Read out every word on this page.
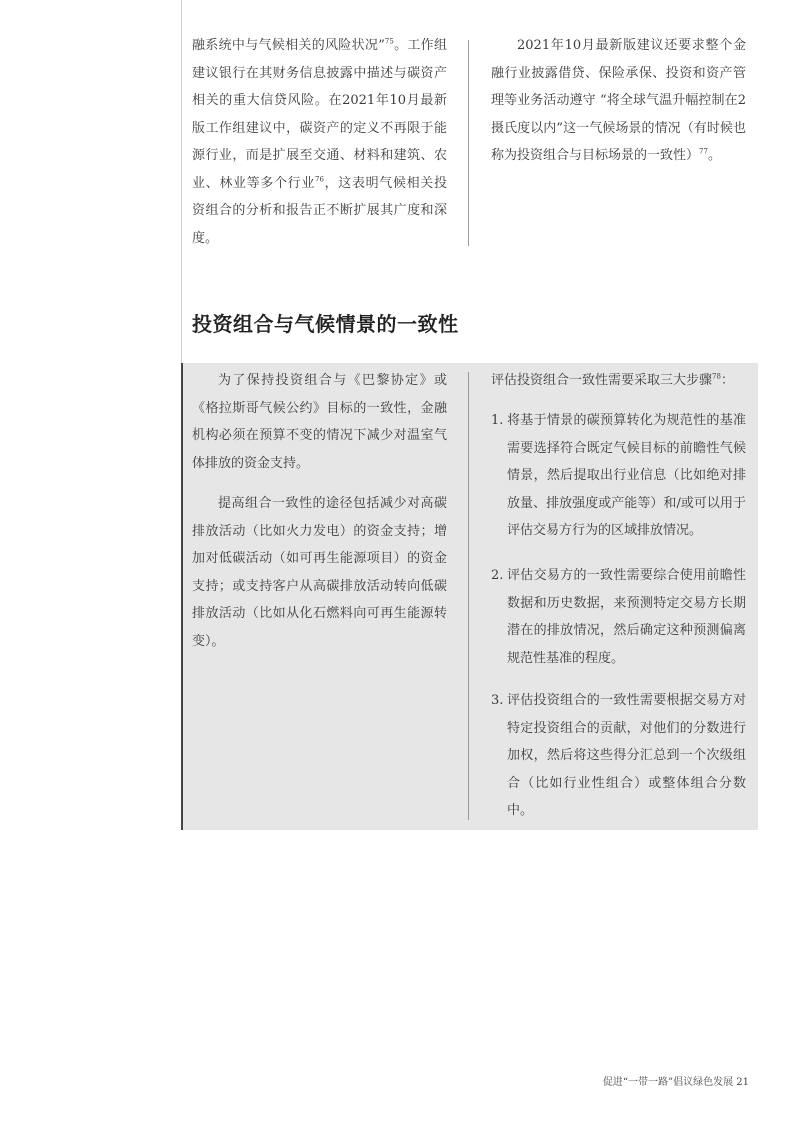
融系统中与气候相关的风险状况”$^{75}$。工作组建议银行在其财务信息披露中描述与碳资产相关的重大信贷风险。在2021年10月最新版工作组建议中，碳资产的定义不再限于能源行业，而是扩展至交通、材料和建筑、农业、林业等多个行业$^{76}$，这表明气候相关投资组合的分析和报告正不断扩展其广度和深度。

2021年10月最新版建议还要求整个金融行业披露借贷、保险承保、投资和资产管理等业务活动遵守 “将全球气温升幅控制在2摄氏度以内”这一气候场景的情况（有时候也称为投资组合与目标场景的一致性）$^{77}$。

投资组合与气候情景的一致性

为了保持投资组合与《巴黎协定》或《格拉斯哥气候公约》目标的一致性，金融机构必须在预算不变的情况下减少对温室气体排放的资金支持。

提高组合一致性的途径包括减少对高碳排放活动（比如火力发电）的资金支持；增加对低碳活动（如可再生能源项目）的资金支持；或支持客户从高碳排放活动转向低碳排放活动（比如从化石燃料向可再生能源转变）。

评估投资组合一致性需要采取三大步骤$^{78}$：

1. 将基于情景的碳预算转化为规范性的基准需要选择符合既定气候目标的前瞻性气候情景，然后提取出行业信息（比如绝对排放量、排放强度或产能等）和/或可以用于评估交易方行为的区域排放情况。
2. 评估交易方的一致性需要综合使用前瞻性数据和历史数据，来预测特定交易方长期潜在的排放情况，然后确定这种预测偏离规范性基准的程度。
3. 评估投资组合的一致性需要根据交易方对特定投资组合的贡献，对他们的分数进行加权，然后将这些得分汇总到一个次级组合（比如行业性组合）或整体组合分数中。
促进“一带一路”倡议绿色发展 21
